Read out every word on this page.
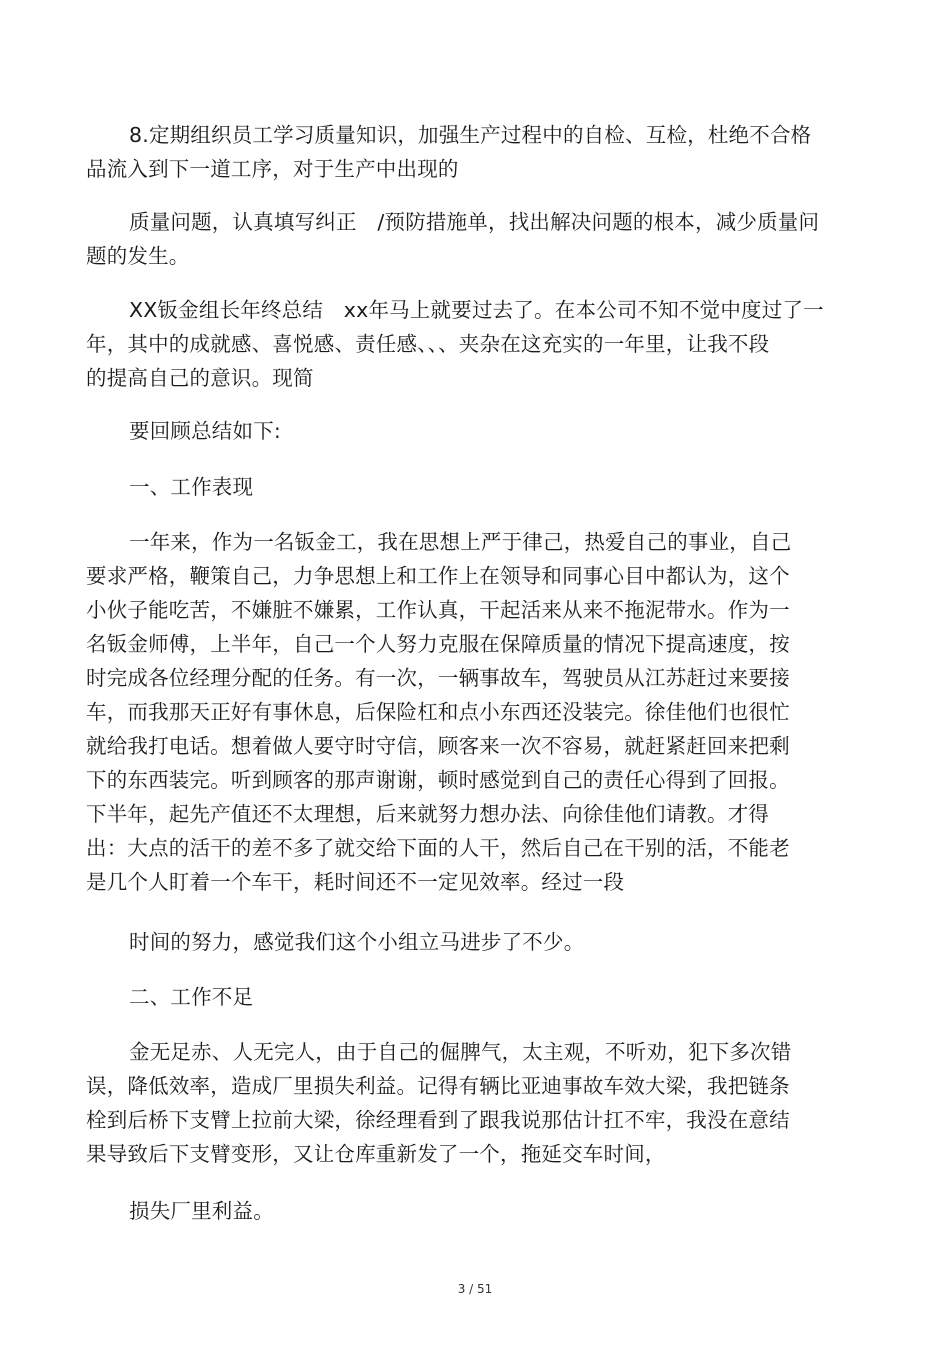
8.定期组织员工学习质量知识，加强生产过程中的自检、互检，杜绝不合格
品流入到下一道工序，对于生产中出现的
质量问题，认真填写纠正　/预防措施单，找出解决问题的根本，减少质量问
题的发生。
XX钣金组长年终总结　xx年马上就要过去了。在本公司不知不觉中度过了一
年，其中的成就感、喜悦感、责任感、、、夹杂在这充实的一年里，让我不段
的提高自己的意识。现简
要回顾总结如下:
一、工作表现
一年来，作为一名钣金工，我在思想上严于律己，热爱自己的事业，自己
要求严格，鞭策自己，力争思想上和工作上在领导和同事心目中都认为，这个
小伙子能吃苦，不嫌脏不嫌累，工作认真，干起活来从来不拖泥带水。作为一
名钣金师傅，上半年，自己一个人努力克服在保障质量的情况下提高速度，按
时完成各位经理分配的任务。有一次，一辆事故车，驾驶员从江苏赶过来要接
车，而我那天正好有事休息，后保险杠和点小东西还没装完。徐佳他们也很忙
就给我打电话。想着做人要守时守信，顾客来一次不容易，就赶紧赶回来把剩
下的东西装完。听到顾客的那声谢谢，顿时感觉到自己的责任心得到了回报。
下半年，起先产值还不太理想，后来就努力想办法、向徐佳他们请教。才得
出：大点的活干的差不多了就交给下面的人干，然后自己在干别的活，不能老
是几个人盯着一个车干，耗时间还不一定见效率。经过一段
时间的努力，感觉我们这个小组立马进步了不少。
二、工作不足
金无足赤、人无完人，由于自己的倔脾气，太主观，不听劝，犯下多次错
误，降低效率，造成厂里损失利益。记得有辆比亚迪事故车效大梁，我把链条
栓到后桥下支臂上拉前大梁，徐经理看到了跟我说那估计扛不牢，我没在意结
果导致后下支臂变形，又让仓库重新发了一个，拖延交车时间，
损失厂里利益。
3 / 51
